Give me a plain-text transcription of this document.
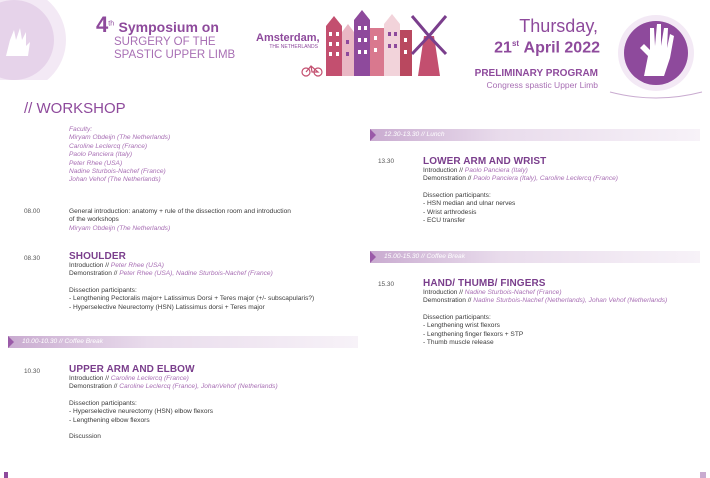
4th Symposium on
SURGERY OF THE
SPASTIC UPPER LIMB
Amsterdam,
THE NETHERLANDS
Thursday,
21st April 2022
PRELIMINARY PROGRAM
Congress spastic Upper Limb
// WORKSHOP
Faculty:
Miryam Obdeijn (The Netherlands)
Caroline Leclercq (France)
Paolo Panciera (Italy)
Peter Rhee (USA)
Nadine Sturbois-Nachef (France)
Johan Vehof (The Netherlands)
08.00	General introduction: anatomy + rule of the dissection room and introduction
of the workshops
Miryam Obdeijn (The Netherlands)
08.30	SHOULDER
Introduction // Peter Rhee (USA)
Demonstration // Peter Rhee (USA), Nadine Sturbois-Nachef (France)
Dissection participants:
- Lengthening Pectoralis major+ Latissimus Dorsi + Teres major (+/- subscapularis?)
- Hyperselective Neurectomy (HSN) Latissimus dorsi + Teres major
10.00-10.30 // Coffee Break
10.30	UPPER ARM AND ELBOW
Introduction // Caroline Leclercq (France)
Demonstration // Caroline Leclercq (France), JohanVehof (Netherlands)
Dissection participants:
- Hyperselective neurectomy (HSN) elbow flexors
- Lengthening elbow flexors
Discussion
12.30-13.30 // Lunch
13.30	LOWER ARM AND WRIST
Introduction // Paolo Panciera (Italy)
Demonstration // Paolo Panciera (Italy), Caroline Leclercq (France)
Dissection participants:
- HSN median and ulnar nerves
- Wrist arthrodesis
- ECU transfer
15.00-15.30 // Coffee Break
15.30	HAND/ THUMB/ FINGERS
Introduction // Nadine Sturbois-Nachef (France)
Demonstration // Nadine Sturbois-Nachef (Netherlands), Johan Vehof (Netherlands)
Dissection participants:
- Lengthening wrist flexors
- Lengthening finger flexors + STP
- Thumb muscle release
